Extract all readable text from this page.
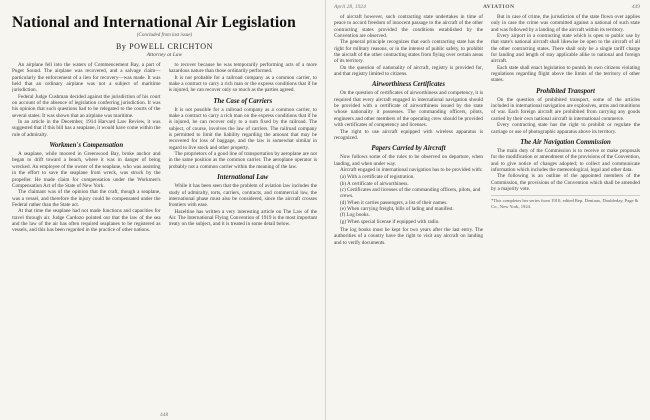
National and International Air Legislation
(Concluded from last issue)
By POWELL CRICHTON
Attorney at Law

An airplane fell into the waters of Commencement Bay, a part of Puget Sound. The airplane was recovered, and a salvage claim—particularly the enforcement of a lien for recovery—was made. It was held that an ordinary airplane was not a subject of maritime jurisdiction.

Federal Judge Cushman decided against the jurisdiction of his court on account of the absence of legislation conferring jurisdiction. It was his opinion that such questions had to be relegated to the courts of the several states. It was shown that an airplane was maritime.

In an article in the December, 1914 Harvard Law Review, it was suggested that if this bill has a seaplane, it would have come within the rule of admiralty.

Workmen's Compensation

A seaplane, while moored in Greenwood Bay, broke anchor and began to drift toward a beach, where it was in danger of being wrecked. An employee of the owner of the seaplane, who was assisting in the effort to save the seaplane from wreck, was struck by the propeller. He made claim for compensation under the Workmen's Compensation Act of the State of New York.

The claimant was of the opinion that the craft, though a seaplane, was a vessel, and therefore the injury could be compensated under the Federal rather than the State act.

At that time the seaplane had not made functions and capacities for travel through air. Judge Cardozo pointed out that the law of the sea and the law of the air has often required seaplanes to be registered as vessels, and this has been regarded in the practice of other nations.

to recover because he was temporarily performing acts of a more hazardous nature than those ordinarily performed.

It is not probable for a railroad company as a common carrier, to make a contract to carry a rich man or the express conditions that if he is injured, he can recover only so much as the parties agreed.

The Case of Carriers

It is not possible for a railroad company as a common carrier, to make a contract to carry a rich man on the express conditions that if he is injured, he can recover only to a sum fixed by the railroad. The subject, of course, involves the law of carriers. The railroad company is permitted to limit the liability regarding the amount that may be recovered for loss of baggage, and the law is somewhat similar in regard to live stock and other property.

The proprietors of a good line of transportation by aeroplane are not in the same position as the common carrier. The aeroplane operator is probably not a common carrier within the meaning of the law.

International Law

While it has been seen that the problem of aviation law includes the study of admiralty, torts, carriers, contracts, and commercial law, the international phase must also be considered, since the aircraft crosses frontiers with ease.

Hazeltine has written a very interesting article on The Law of the Air. The International Flying Convention of 1919 is the most important treaty on the subject, and it is treated in some detail below.

448
April 28, 1924	AVIATION	449

of aircraft however, such contracting state undertakes in time of peace to accord freedom of innocent passage to the aircraft of the other contracting states provided the conditions established by the Convention are observed.

The general principle recognizes that each contracting state has the right for military reasons, or in the interest of public safety, to prohibit the aircraft of the other contracting states from flying over certain areas of its territory.

On the question of nationality of aircraft, registry is provided for, and that registry limited to citizens.

Airworthiness Certificates

On the question of certificates of airworthiness and competency, it is required that every aircraft engaged in international navigation should be provided with a certificate of airworthiness issued by the state whose nationality it possesses. The commanding officers, pilots, engineers and other members of the operating crew should be provided with certificates of competency and licenses.

The right to use aircraft equipped with wireless apparatus is recognized.

Papers Carried by Aircraft

Now follows some of the rules to be observed on departure, when landing, and when under way.

Aircraft engaged in international navigation has to be provided with:

(a) With a certificate of registration.
(b) A certificate of airworthiness.
(c) Certificates and licenses of the commanding officers, pilots, and crews.
(d) When it carries passengers, a list of their names.
(e) When carrying freight, bills of lading and manifest.
(f) Log books.
(g) When special license if equipped with radio.

The log books must be kept for two years after the last entry. The authorities of a country have the right to visit any aircraft on landing and to verify documents.

But in case of crime, the jurisdiction of the state flown over applies only in case the crime was committed against a national of such state and was followed by a landing of the aircraft within its territory.

Every airport in a contracting state which is open to public use by that state's national aircraft shall likewise be open to the aircraft of all the other contracting states. There shall only be a single tariff charge for landing and length of stay applicable alike to national and foreign aircraft.

Each state shall enact legislation to punish its own citizens violating regulations regarding flight above the limits of the territory of other states.

Prohibited Transport

On the question of prohibited transport, some of the articles included in international navigation are explosives, arms and munitions of war. Each foreign aircraft are prohibited from carrying any goods carried by their own national aircraft in international commerce.

Every contracting state has the right to prohibit or regulate the carriage or use of photographic apparatus above its territory.

The Air Navigation Commission

The main duty of the Commission is to receive or make proposals for the modification or amendment of the provisions of the Convention, and to give notice of changes adopted; to collect and communicate information which includes the meteorological, legal and other data.

The following is an outline of the appointed members of the Commission, the provisions of the Convention which shall be amended by a majority vote.

*This completes her series from 1910, edited Rep. Deniaux, Doubleday, Page & Co., New York, 1924.
